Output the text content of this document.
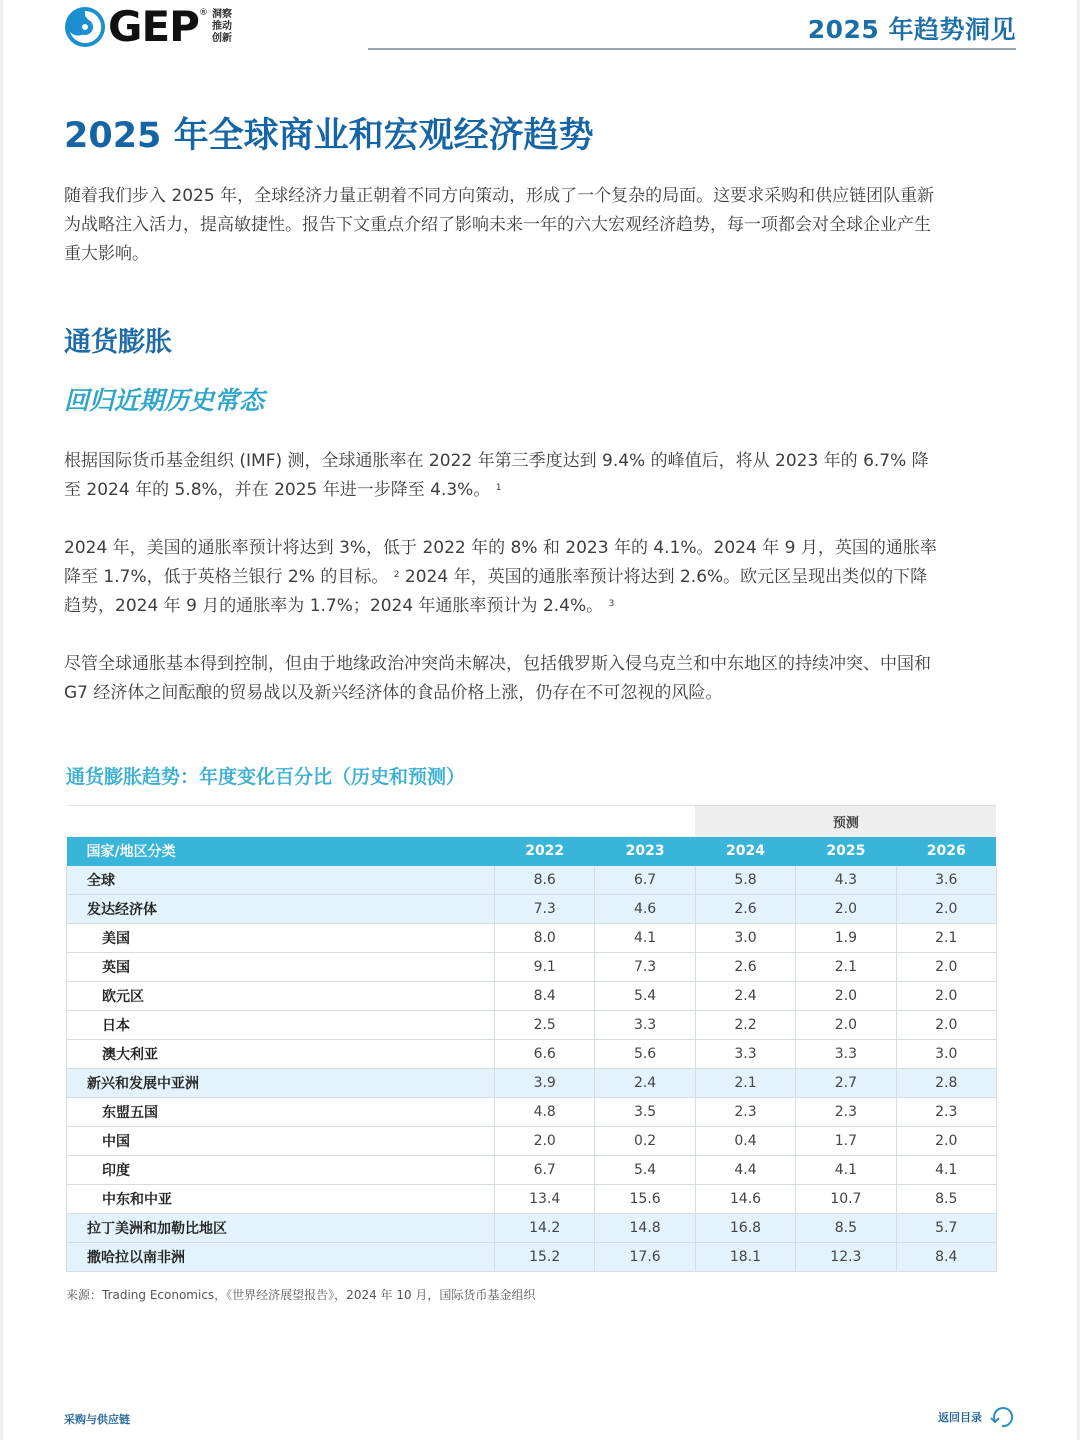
GEP ® 洞察
推动
创新	2025 年趋势洞见
2025 年全球商业和宏观经济趋势

随着我们步入 2025 年，全球经济力量正朝着不同方向策动，形成了一个复杂的局面。这要求采购和供应链团队重新为战略注入活力，提高敏捷性。报告下文重点介绍了影响未来一年的六大宏观经济趋势，每一项都会对全球企业产生重大影响。

通货膨胀
回归近期历史常态

根据国际货币基金组织 (IMF) 测，全球通胀率在 2022 年第三季度达到 9.4% 的峰值后，将从 2023 年的 6.7% 降至 2024 年的 5.8%，并在 2025 年进一步降至 4.3%。 $^1$

2024 年，美国的通胀率预计将达到 3%，低于 2022 年的 8% 和 2023 年的 4.1%。2024 年 9 月，英国的通胀率降至 1.7%，低于英格兰银行 2% 的目标。 $^2$ 2024 年，英国的通胀率预计将达到 2.6%。欧元区呈现出类似的下降趋势，2024 年 9 月的通胀率为 1.7%；2024 年通胀率预计为 2.4%。 $^3$

尽管全球通胀基本得到控制，但由于地缘政治冲突尚未解决，包括俄罗斯入侵乌克兰和中东地区的持续冲突、中国和 G7 经济体之间酝酿的贸易战以及新兴经济体的食品价格上涨，仍存在不可忽视的风险。

通货膨胀趋势：年度变化百分比（历史和预测）
			预测		
国家/地区分类	2022	2023	2024	2025	2026
全球	8.6	6.7	5.8	4.3	3.6
发达经济体	7.3	4.6	2.6	2.0	2.0
美国	8.0	4.1	3.0	1.9	2.1
英国	9.1	7.3	2.6	2.1	2.0
欧元区	8.4	5.4	2.4	2.0	2.0
日本	2.5	3.3	2.2	2.0	2.0
澳大利亚	6.6	5.6	3.3	3.3	3.0
新兴和发展中亚洲	3.9	2.4	2.1	2.7	2.8
东盟五国	4.8	3.5	2.3	2.3	2.3
中国	2.0	0.2	0.4	1.7	2.0
印度	6.7	5.4	4.4	4.1	4.1
中东和中亚	13.4	15.6	14.6	10.7	8.5
拉丁美洲和加勒比地区	14.2	14.8	16.8	8.5	5.7
撒哈拉以南非洲	15.2	17.6	18.1	12.3	8.4
来源：Trading Economics，《世界经济展望报告》，2024 年 10 月，国际货币基金组织
采购与供应链	返回目录
